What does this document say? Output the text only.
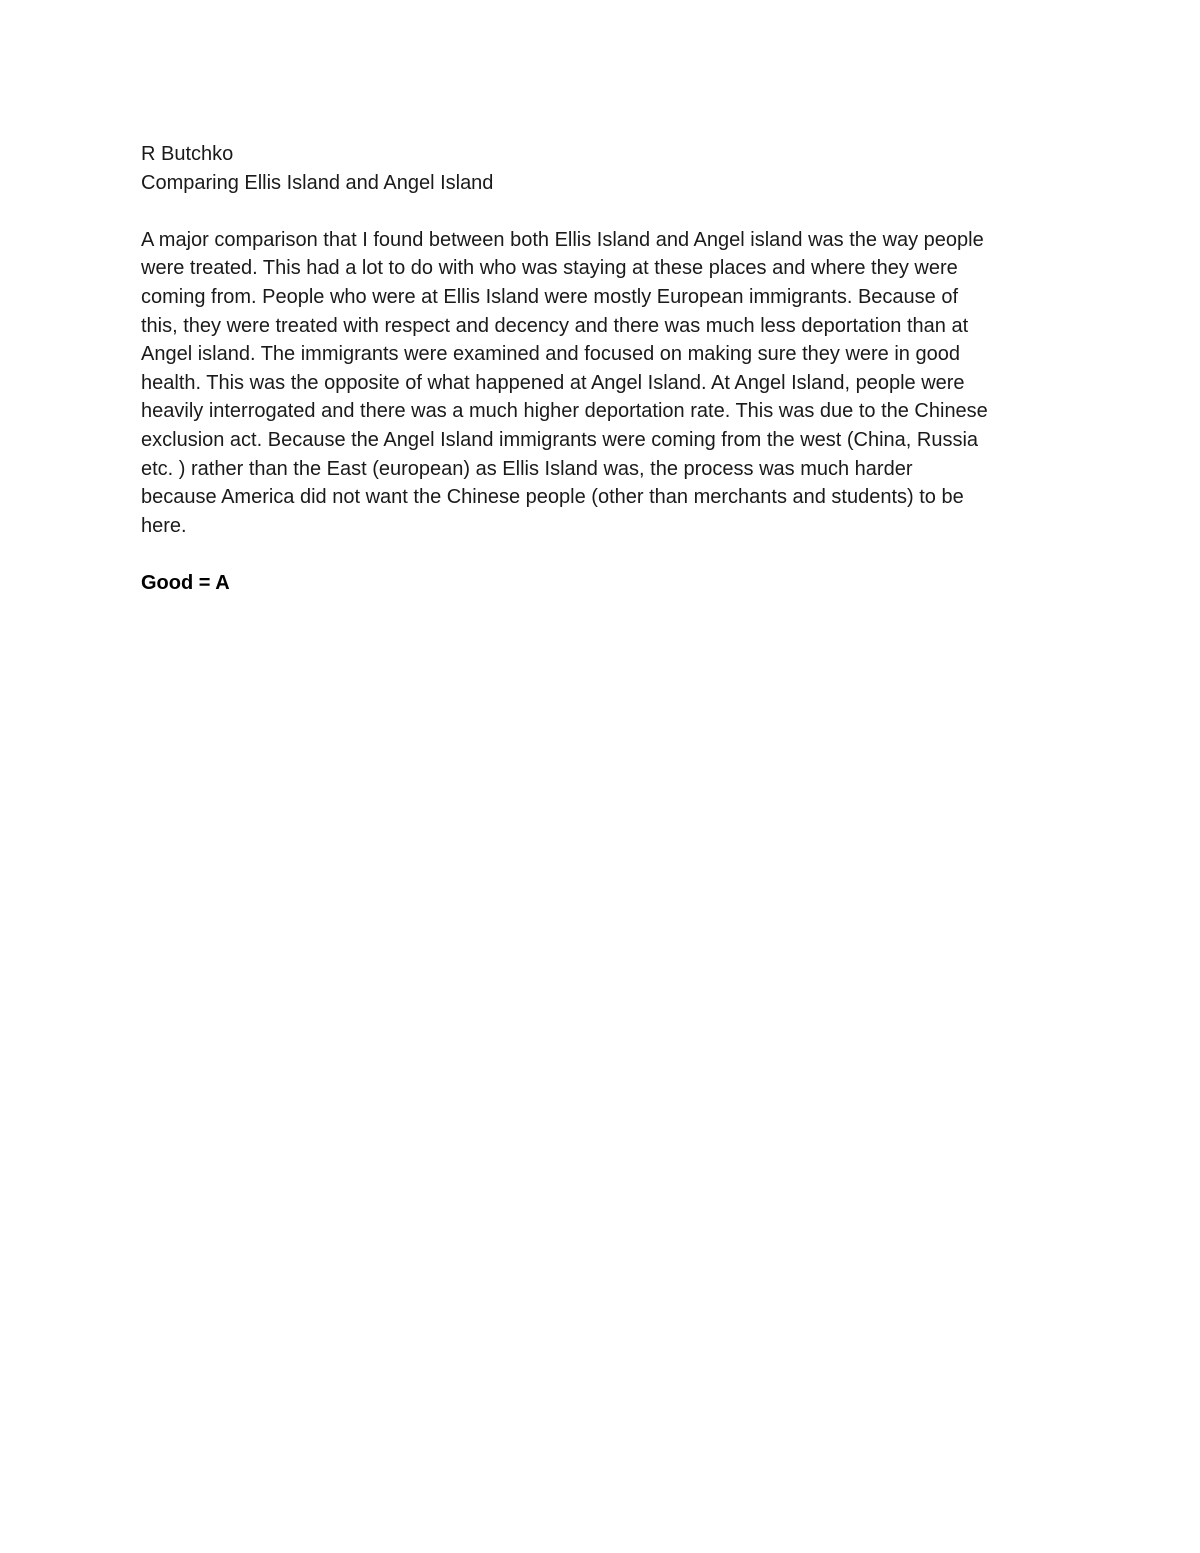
R Butchko
Comparing Ellis Island and Angel Island
A major comparison that I found between both Ellis Island and Angel island was the way people
were treated. This had a lot to do with who was staying at these places and where they were
coming from. People who were at Ellis Island were mostly European immigrants. Because of
this, they were treated with respect and decency and there was much less deportation than at
Angel island. The immigrants were examined and focused on making sure they were in good
health. This was the opposite of what happened at Angel Island. At Angel Island, people were
heavily interrogated and there was a much higher deportation rate. This was due to the Chinese
exclusion act. Because the Angel Island immigrants were coming from the west (China, Russia
etc. ) rather than the East (european) as Ellis Island was, the process was much harder
because America did not want the Chinese people (other than merchants and students) to be
here.
Good = A
